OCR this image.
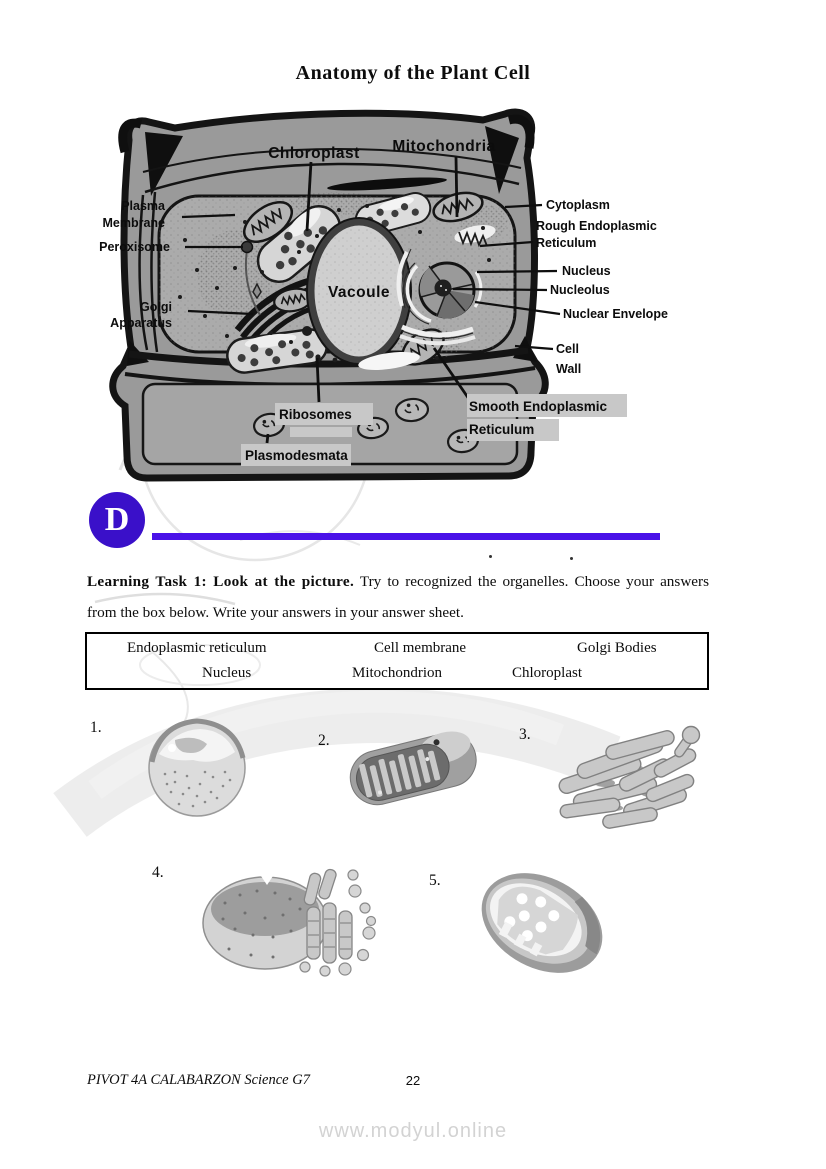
Anatomy of the Plant Cell
Chloroplast Mitochondria
Vacoule
Plasma
Membrane
Peroxisome
Golgi
Apparatus
Cytoplasm
Rough Endoplasmic
Reticulum
Nucleus
Nucleolus
Nuclear Envelope
Cell
Wall
Ribosomes
Smooth Endoplasmic
Reticulum
Plasmodesmata
D

Learning Task 1: Look at the picture. Try to recognized the organelles. Choose your answers from the box below. Write your answers in your answer sheet.

Endoplasmic reticulum	Cell membrane	Golgi Bodies
Nucleus	Mitochondrion	Chloroplast
1.
2.	3.
4.	5.
PIVOT 4A CALABARZON Science G7	22
www.modyul.online
